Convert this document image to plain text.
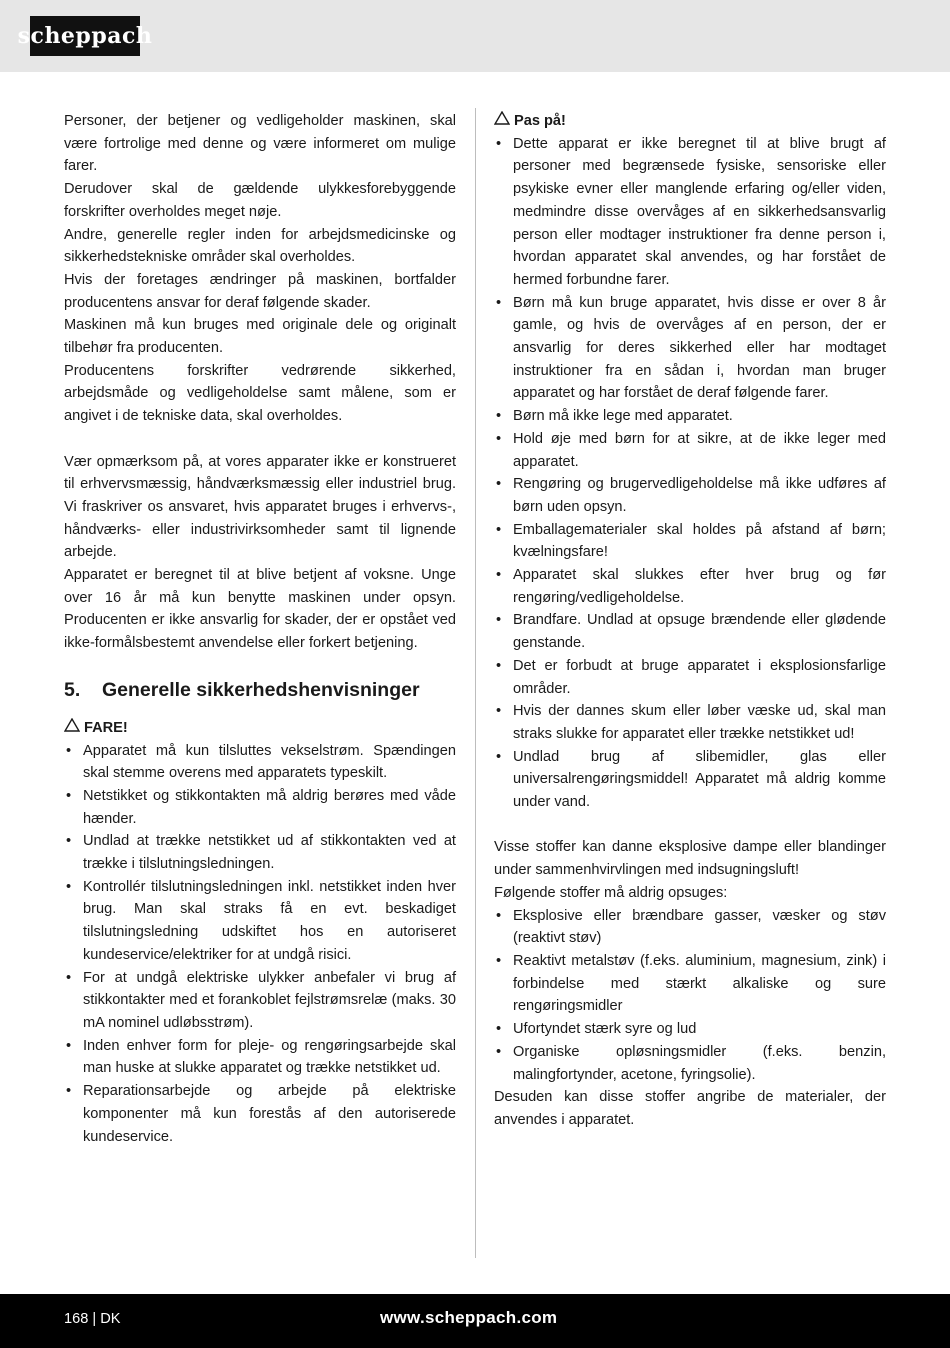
scheppach

Personer, der betjener og vedligeholder maskinen, skal være fortrolige med denne og være informeret om mulige farer.

Derudover skal de gældende ulykkesforebyggende forskrifter overholdes meget nøje.

Andre, generelle regler inden for arbejdsmedicinske og sikkerhedstekniske områder skal overholdes.

Hvis der foretages ændringer på maskinen, bortfalder producentens ansvar for deraf følgende skader.

Maskinen må kun bruges med originale dele og originalt tilbehør fra producenten.

Producentens forskrifter vedrørende sikkerhed, arbejdsmåde og vedligeholdelse samt målene, som er angivet i de tekniske data, skal overholdes.

Vær opmærksom på, at vores apparater ikke er konstrueret til erhvervsmæssig, håndværksmæssig eller industriel brug. Vi fraskriver os ansvaret, hvis apparatet bruges i erhvervs-, håndværks- eller industrivirksomheder samt til lignende arbejde.

Apparatet er beregnet til at blive betjent af voksne. Unge over 16 år må kun benytte maskinen under opsyn. Producenten er ikke ansvarlig for skader, der er opstået ved ikke-formålsbestemt anvendelse eller forkert betjening.

5.	Generelle sikkerhedshenvisninger
FARE!
• Apparatet må kun tilsluttes vekselstrøm. Spændingen skal stemme overens med apparatets typeskilt.
• Netstikket og stikkontakten må aldrig berøres med våde hænder.
• Undlad at trække netstikket ud af stikkontakten ved at trække i tilslutningsledningen.
• Kontrollér tilslutningsledningen inkl. netstikket inden hver brug. Man skal straks få en evt. beskadiget tilslutningsledning udskiftet hos en autoriseret kundeservice/elektriker for at undgå risici.
• For at undgå elektriske ulykker anbefaler vi brug af stikkontakter med et forankoblet fejlstrømsrelæ (maks. 30 mA nominel udløbsstrøm).
• Inden enhver form for pleje- og rengøringsarbejde skal man huske at slukke apparatet og trække netstikket ud.
• Reparationsarbejde og arbejde på elektriske komponenter må kun forestås af den autoriserede kundeservice.
Pas på!
• Dette apparat er ikke beregnet til at blive brugt af personer med begrænsede fysiske, sensoriske eller psykiske evner eller manglende erfaring og/eller viden, medmindre disse overvåges af en sikkerhedsansvarlig person eller modtager instruktioner fra denne person i, hvordan apparatet skal anvendes, og har forstået de hermed forbundne farer.
• Børn må kun bruge apparatet, hvis disse er over 8 år gamle, og hvis de overvåges af en person, der er ansvarlig for deres sikkerhed eller har modtaget instruktioner fra en sådan i, hvordan man bruger apparatet og har forstået de deraf følgende farer.
• Børn må ikke lege med apparatet.
• Hold øje med børn for at sikre, at de ikke leger med apparatet.
• Rengøring og brugervedligeholdelse må ikke udføres af børn uden opsyn.
• Emballagematerialer skal holdes på afstand af børn; kvælningsfare!
• Apparatet skal slukkes efter hver brug og før rengøring/vedligeholdelse.
• Brandfare. Undlad at opsuge brændende eller glødende genstande.
• Det er forbudt at bruge apparatet i eksplosionsfarlige områder.
• Hvis der dannes skum eller løber væske ud, skal man straks slukke for apparatet eller trække netstikket ud!
• Undlad brug af slibemidler, glas eller universalrengøringsmiddel! Apparatet må aldrig komme under vand.

Visse stoffer kan danne eksplosive dampe eller blandinger under sammenhvirvlingen med indsugningsluft!

Følgende stoffer må aldrig opsuges:

• Eksplosive eller brændbare gasser, væsker og støv (reaktivt støv)
• Reaktivt metalstøv (f.eks. aluminium, magnesium, zink) i forbindelse med stærkt alkaliske og sure rengøringsmidler
• Ufortyndet stærk syre og lud
• Organiske opløsningsmidler (f.eks. benzin, malingfortynder, acetone, fyringsolie).

Desuden kan disse stoffer angribe de materialer, der anvendes i apparatet.

168 | DK	www.scheppach.com
